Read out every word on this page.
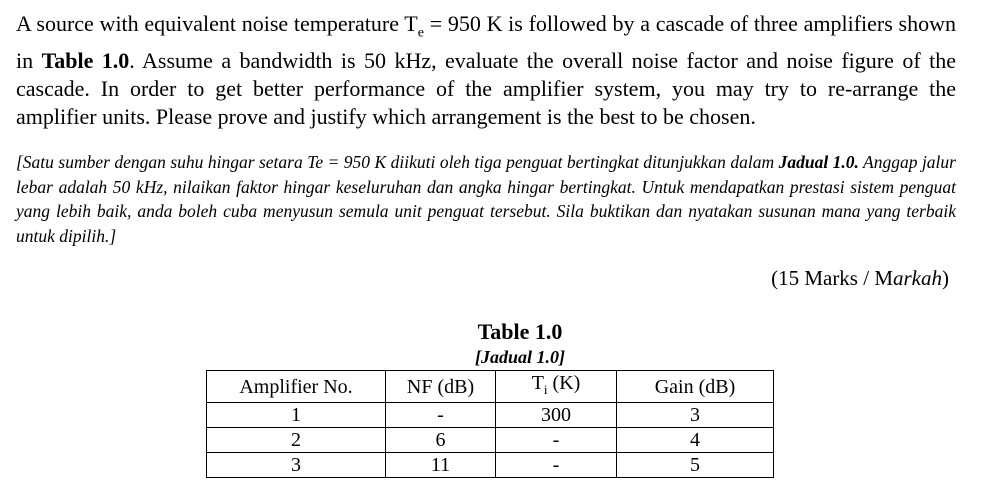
A source with equivalent noise temperature $T_e = 950$ K is followed by a cascade of three amplifiers shown in Table 1.0. Assume a bandwidth is 50 kHz, evaluate the overall noise factor and noise figure of the cascade. In order to get better performance of the amplifier system, you may try to re-arrange the amplifier units. Please prove and justify which arrangement is the best to be chosen.
[Satu sumber dengan suhu hingar setara Te = 950 K diikuti oleh tiga penguat bertingkat ditunjukkan dalam Jadual 1.0. Anggap jalur lebar adalah 50 kHz, nilaikan faktor hingar keseluruhan dan angka hingar bertingkat. Untuk mendapatkan prestasi sistem penguat yang lebih baik, anda boleh cuba menyusun semula unit penguat tersebut. Sila buktikan dan nyatakan susunan mana yang terbaik untuk dipilih.]
(15 Marks / Markah)
Table 1.0
[Jadual 1.0]
Amplifier No.	NF (dB)	$T_i$ (K)	Gain (dB)
1	-	300	3
2	6	-	4
3	11	-	5
